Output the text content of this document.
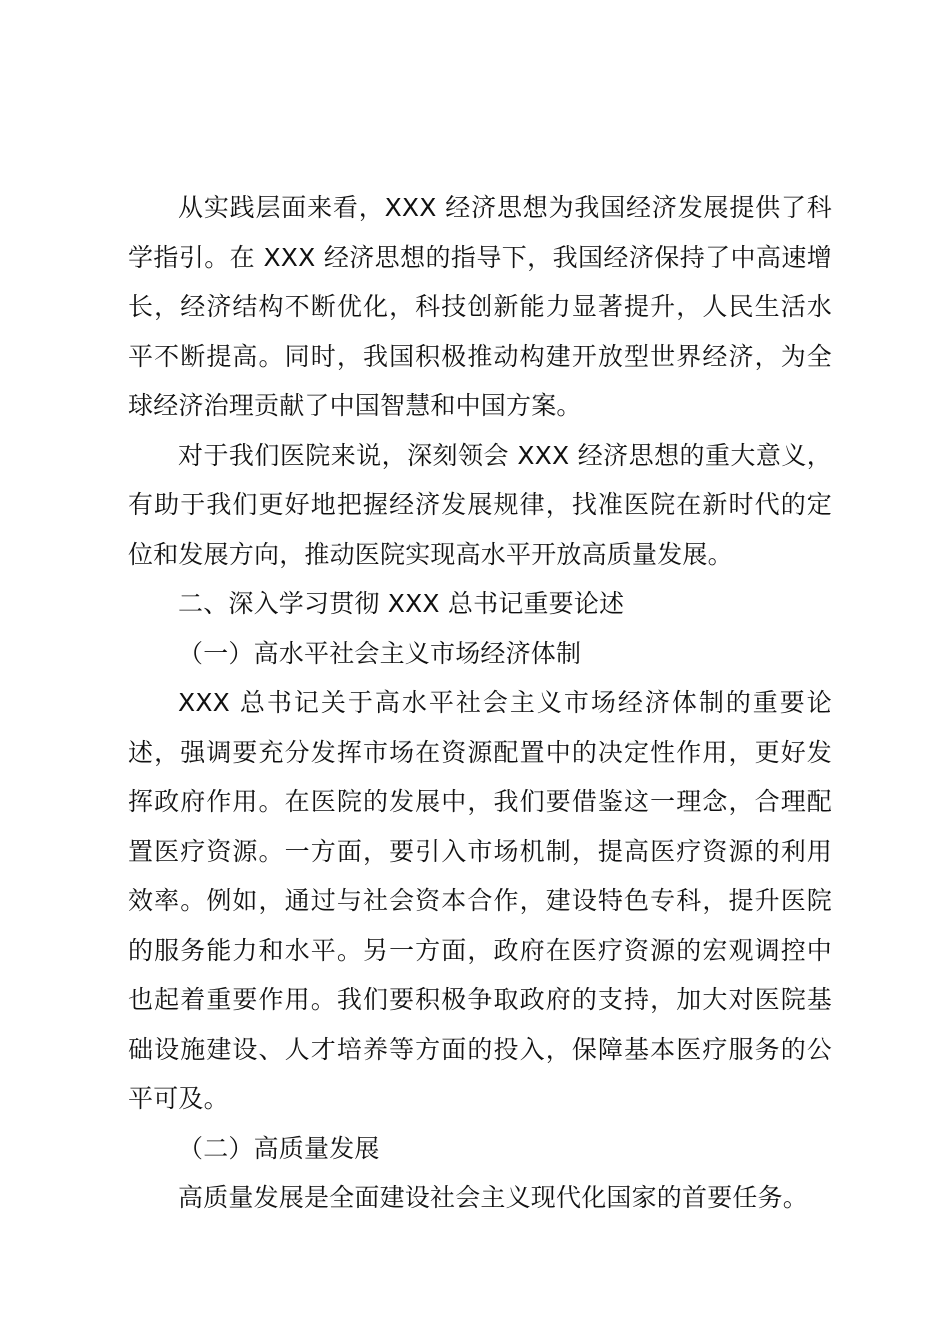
从实践层面来看，XXX 经济思想为我国经济发展提供了科学指引。在 XXX 经济思想的指导下，我国经济保持了中高速增长，经济结构不断优化，科技创新能力显著提升，人民生活水平不断提高。同时，我国积极推动构建开放型世界经济，为全球经济治理贡献了中国智慧和中国方案。

对于我们医院来说，深刻领会 XXX 经济思想的重大意义，有助于我们更好地把握经济发展规律，找准医院在新时代的定位和发展方向，推动医院实现高水平开放高质量发展。

二、深入学习贯彻 XXX 总书记重要论述

（一）高水平社会主义市场经济体制

XXX 总书记关于高水平社会主义市场经济体制的重要论述，强调要充分发挥市场在资源配置中的决定性作用，更好发挥政府作用。在医院的发展中，我们要借鉴这一理念，合理配置医疗资源。一方面，要引入市场机制，提高医疗资源的利用效率。例如，通过与社会资本合作，建设特色专科，提升医院的服务能力和水平。另一方面，政府在医疗资源的宏观调控中也起着重要作用。我们要积极争取政府的支持，加大对医院基础设施建设、人才培养等方面的投入，保障基本医疗服务的公平可及。

（二）高质量发展

高质量发展是全面建设社会主义现代化国家的首要任务。
